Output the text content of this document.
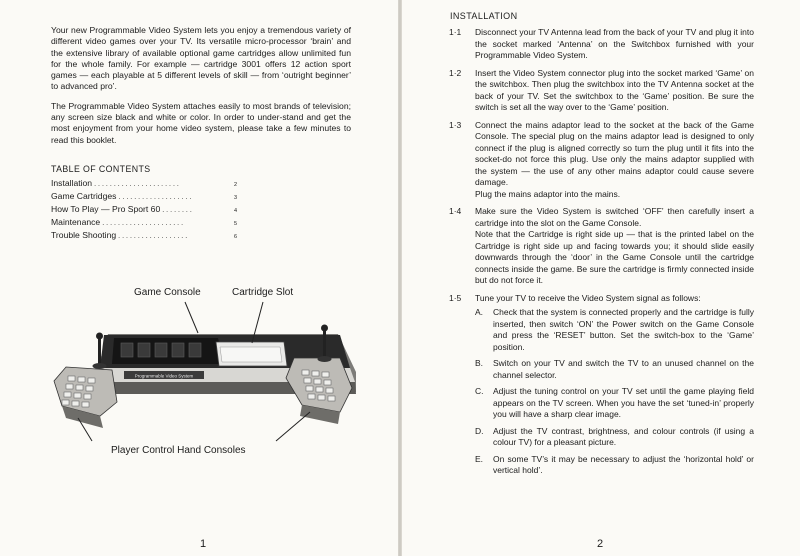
Your new Programmable Video System lets you enjoy a tremendous variety of different video games over your TV. Its versatile micro-processor ‘brain’ and the extensive library of available optional game cartridges allow unlimited fun for the whole family. For example — cartridge 3001 offers 12 action sport games — each playable at 5 different levels of skill — from ‘outright beginner’ to advanced pro’.

The Programmable Video System attaches easily to most brands of television; any screen size black and white or color. In order to under-stand and get the most enjoyment from your home video system, please take a few minutes to read this booklet.

TABLE OF CONTENTS
Installation ......................	2
Game Cartridges ...................	3
How To Play — Pro Sport 60 ........	4
Maintenance .....................	5
Trouble Shooting ..................	6
Programmable Video System
Game Console	Cartridge Slot
Player Control Hand Consoles
1
INSTALLATION
1·1 Disconnect your TV Antenna lead from the back of your TV and plug it into the socket marked ‘Antenna’ on the Switchbox furnished with your Programmable Video System.
1·2 Insert the Video System connector plug into the socket marked ‘Game’ on the switchbox. Then plug the switchbox into the TV Antenna socket at the back of your TV. Set the switchbox to the ‘Game’ position. Be sure the switch is set all the way over to the ‘Game’ position.
1·3 Connect the mains adaptor lead to the socket at the back of the Game Console. The special plug on the mains adaptor lead is designed to only connect if the plug is aligned correctly so turn the plug until it fits into the socket-do not force this plug. Use only the mains adaptor supplied with the system — the use of any other mains adaptor could cause severe damage.
Plug the mains adaptor into the mains.
1·4 Make sure the Video System is switched ‘OFF’ then carefully insert a cartridge into the slot on the Game Console.
Note that the Cartridge is right side up — that is the printed label on the Cartridge is right side up and facing towards you; it should slide easily downwards through the ‘door’ in the Game Console until the cartridge connects inside the game. Be sure the cartridge is firmly connected inside but do not force it.
1·5 Tune your TV to receive the Video System signal as follows:
A. Check that the system is connected properly and the cartridge is fully inserted, then switch ‘ON’ the Power switch on the Game Console and press the ‘RESET’ button. Set the switch-box to the ‘Game’ position.
B. Switch on your TV and switch the TV to an unused channel on the channel selector.
C. Adjust the tuning control on your TV set until the game playing field appears on the TV screen. When you have the set ‘tuned-in’ properly you will have a sharp clear image.
D. Adjust the TV contrast, brightness, and colour controls (if using a colour TV) for a pleasant picture.
E. On some TV’s it may be necessary to adjust the ‘horizontal hold’ or vertical hold’.
2
